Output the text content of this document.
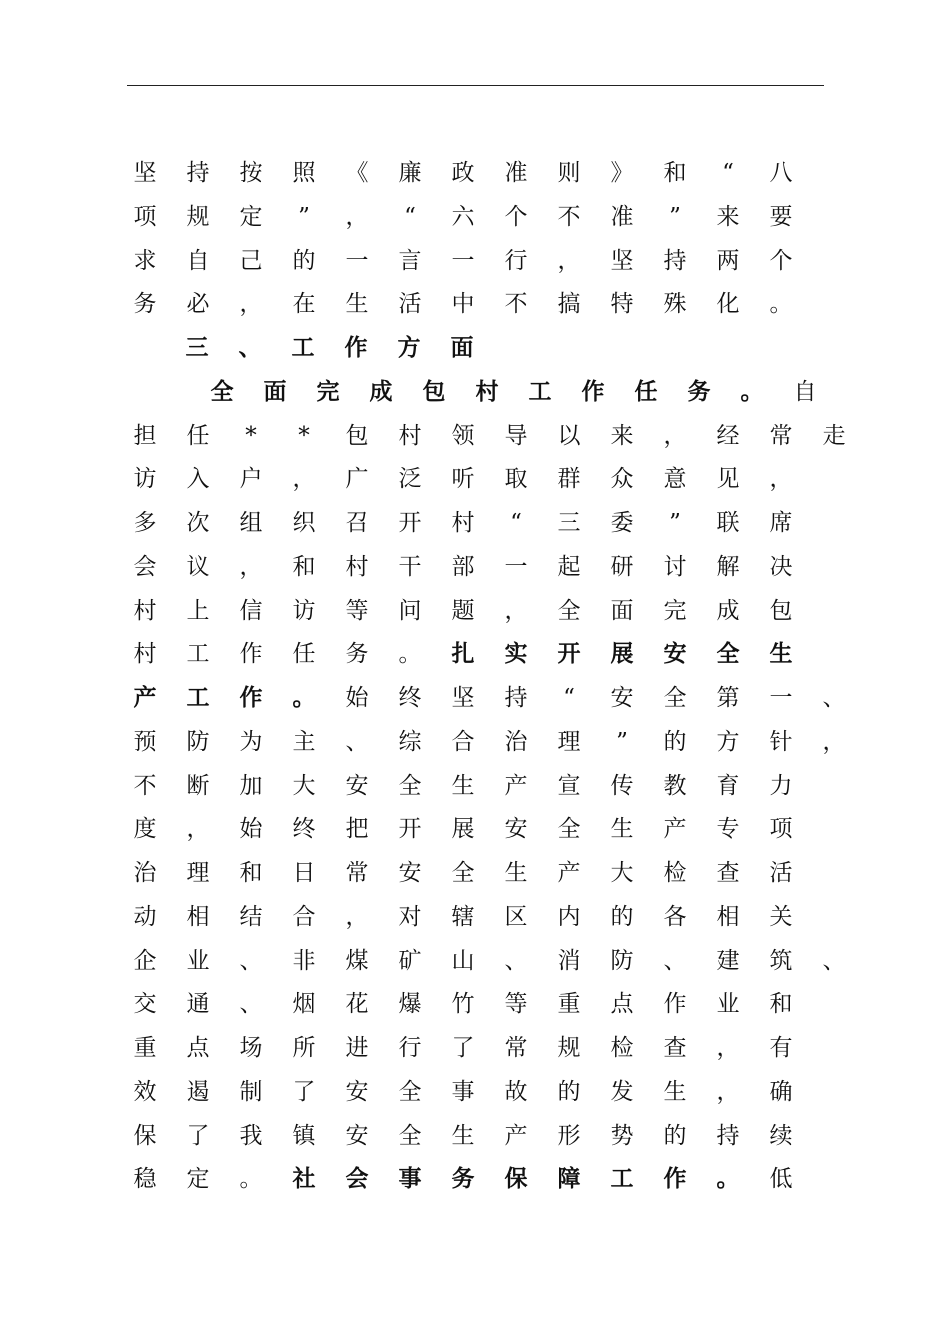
坚 持 按 照 《 廉 政 准 则 》 和	“	八
项 规 定	”	，	“	六 个 不 准	”	来 要
求 自 己 的 一 言 一 行 ， 坚 持 两 个
务 必 ， 在 生 活 中 不 搞 特 殊 化 。
三 、 工 作 方 面
全 面 完 成 包 村 工 作 任 务 。 自
担 任	*	*	包 村 领 导 以 来 ， 经 常 走
访 入 户 ， 广 泛 听 取 群 众 意 见 ，
多 次 组 织 召 开 村	“	三 委	”	联 席
会 议 ， 和 村 干 部 一 起 研 讨 解 决
村 上 信 访 等 问 题 ， 全 面 完 成 包
村 工 作 任 务 。 扎 实 开 展 安 全 生
产 工 作 。 始 终 坚 持	“	安 全 第 一 、
预 防 为 主 、 综 合 治 理	”	的 方 针 ，
不 断 加 大 安 全 生 产 宣 传 教 育 力
度 ， 始 终 把 开 展 安 全 生 产 专 项
治 理 和 日 常 安 全 生 产 大 检 查 活
动 相 结 合 ， 对 辖 区 内 的 各 相 关
企 业 、 非 煤 矿 山 、 消 防 、 建 筑 、
交 通 、 烟 花 爆 竹 等 重 点 作 业 和
重 点 场 所 进 行 了 常 规 检 查 ， 有
效 遏 制 了 安 全 事 故 的 发 生 ， 确
保 了 我 镇 安 全 生 产 形 势 的 持 续
稳 定 。 社 会 事 务 保 障 工 作 。 低
